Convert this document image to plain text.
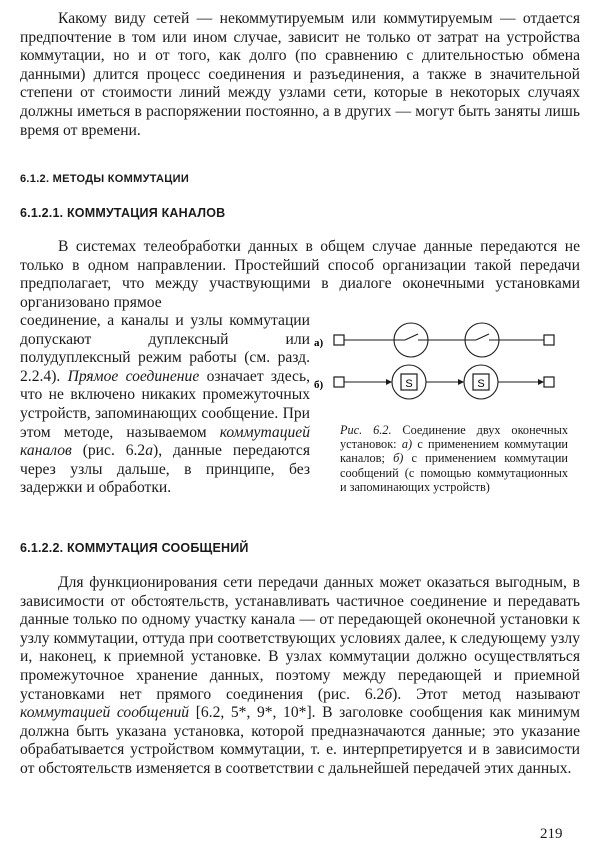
Какому виду сетей — некоммутируемым или коммутируемым — отдается предпочтение в том или ином случае, зависит не только от затрат на устройства коммутации, но и от того, как долго (по сравнению с длительностью обмена данными) длится процесс соединения и разъединения, а также в значительной степени от стоимости линий между узлами сети, которые в некоторых случаях должны иметься в распоряжении постоянно, а в других — могут быть заняты лишь время от времени.

6.1.2. МЕТОДЫ КОММУТАЦИИ

6.1.2.1. КОММУТАЦИЯ КАНАЛОВ

В системах телеобработки данных в общем случае данные передаются не только в одном направлении. Простейший способ организации такой передачи предполагает, что между участвующими в диалоге оконечными установками организовано прямое

соединение, а каналы и узлы коммутации допускают дуплексный или полудуплексный режим работы (см. разд. 2.2.4). Прямое соединение означает здесь, что не включено никаких промежуточных устройств, запоминающих сообщение. При этом методе, называемом коммутацией каналов (рис. 6.2а), данные передаются через узлы дальше, в принципе, без задержки и обработки.

а)
б)	S	S

Рис. 6.2. Соединение двух оконечных установок: а) с применением коммутации каналов; б) с применением коммутации сообщений (с помощью коммутационных и запоминающих устройств)

6.1.2.2. КОММУТАЦИЯ СООБЩЕНИЙ

Для функционирования сети передачи данных может оказаться выгодным, в зависимости от обстоятельств, устанавливать частичное соединение и передавать данные только по одному участку канала — от передающей оконечной установки к узлу коммутации, оттуда при соответствующих условиях далее, к следующему узлу и, наконец, к приемной установке. В узлах коммутации должно осуществляться промежуточное хранение данных, поэтому между передающей и приемной установками нет прямого соединения (рис. 6.2б). Этот метод называют коммутацией сообщений [6.2, 5*, 9*, 10*]. В заголовке сообщения как минимум должна быть указана установка, которой предназначаются данные; это указание обрабатывается устройством коммутации, т. е. интерпретируется и в зависимости от обстоятельств изменяется в соответствии с дальнейшей передачей этих данных.

219
